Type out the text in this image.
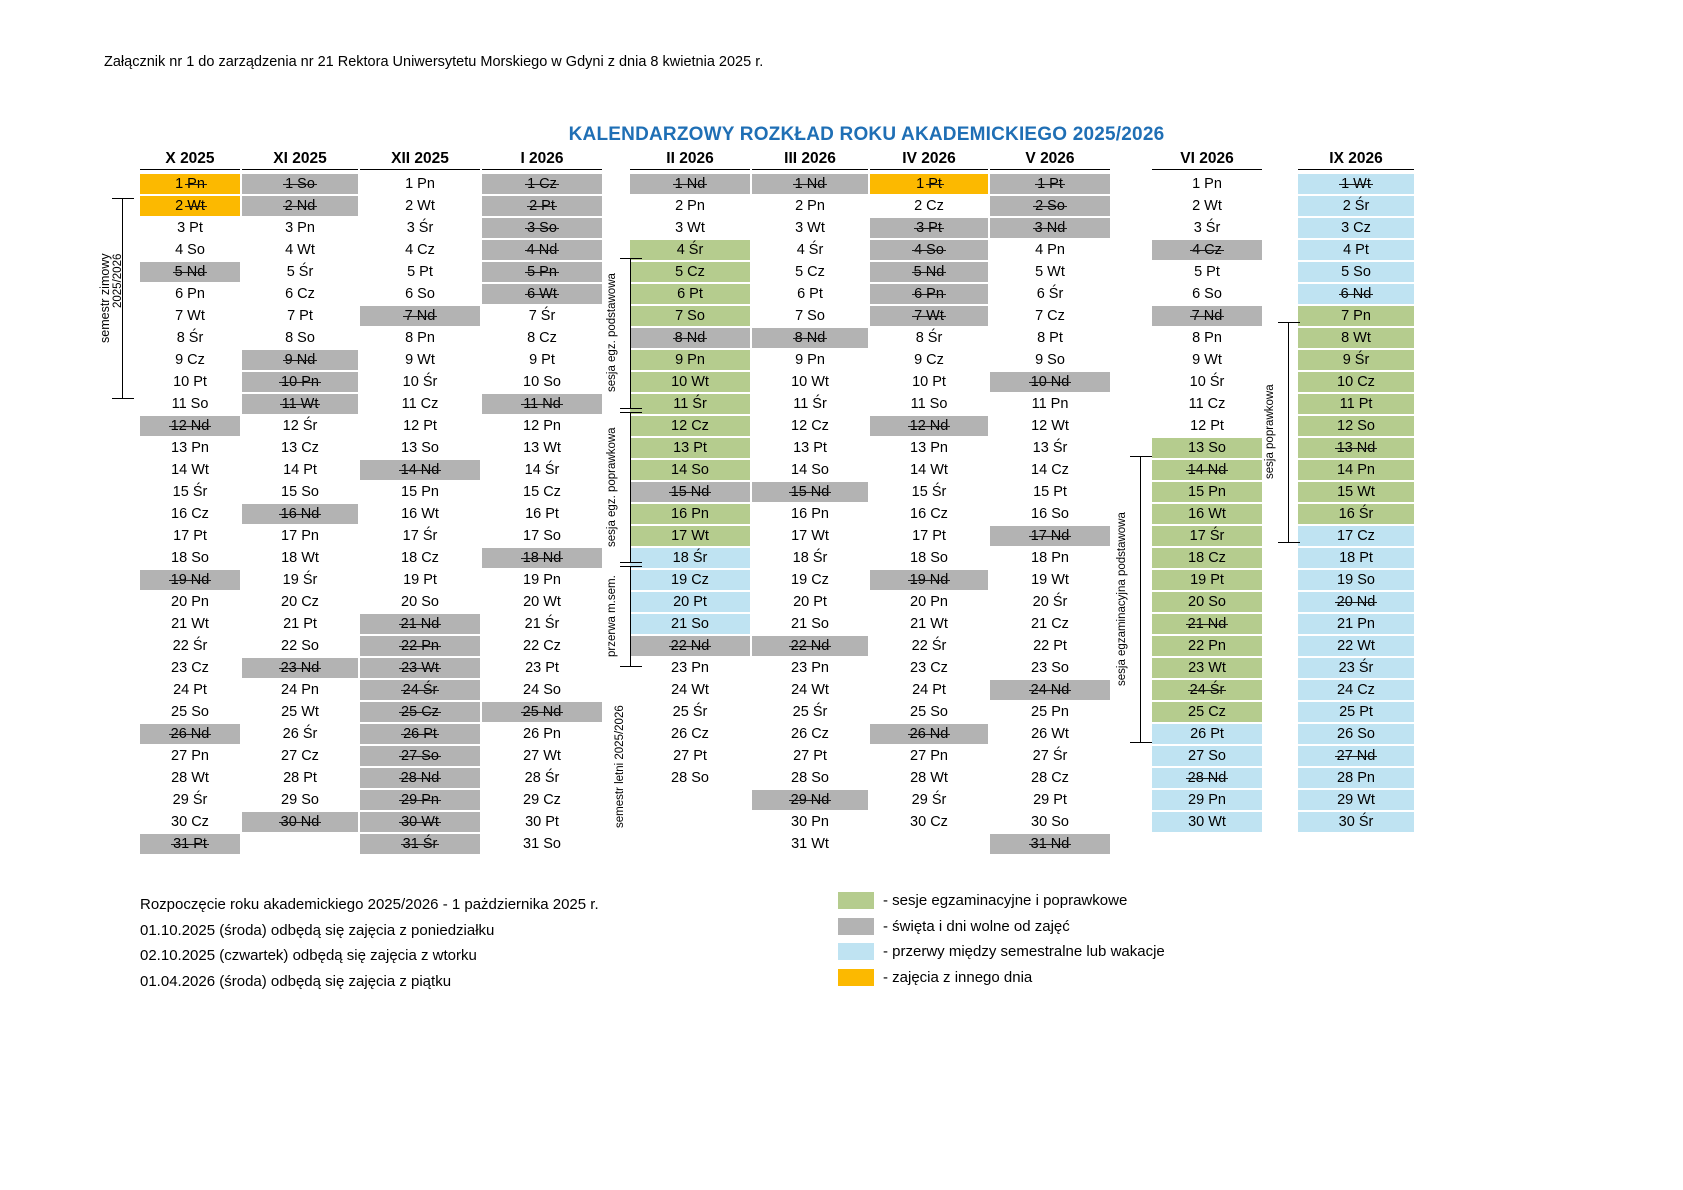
Załącznik nr 1 do zarządzenia nr 21 Rektora Uniwersytetu Morskiego w Gdyni z dnia 8 kwietnia 2025 r.
KALENDARZOWY ROZKŁAD ROKU AKADEMICKIEGO 2025/2026
X 2025
1 Pn
2 Wt
3 Pt
4 So
5 Nd
6 Pn
7 Wt
8 Śr
9 Cz
10 Pt
11 So
12 Nd
13 Pn
14 Wt
15 Śr
16 Cz
17 Pt
18 So
19 Nd
20 Pn
21 Wt
22 Śr
23 Cz
24 Pt
25 So
26 Nd
27 Pn
28 Wt
29 Śr
30 Cz
31 Pt
XI 2025
1 So
2 Nd
3 Pn
4 Wt
5 Śr
6 Cz
7 Pt
8 So
9 Nd
10 Pn
11 Wt
12 Śr
13 Cz
14 Pt
15 So
16 Nd
17 Pn
18 Wt
19 Śr
20 Cz
21 Pt
22 So
23 Nd
24 Pn
25 Wt
26 Śr
27 Cz
28 Pt
29 So
30 Nd
XII 2025
1 Pn
2 Wt
3 Śr
4 Cz
5 Pt
6 So
7 Nd
8 Pn
9 Wt
10 Śr
11 Cz
12 Pt
13 So
14 Nd
15 Pn
16 Wt
17 Śr
18 Cz
19 Pt
20 So
21 Nd
22 Pn
23 Wt
24 Śr
25 Cz
26 Pt
27 So
28 Nd
29 Pn
30 Wt
31 Śr
I 2026
1 Cz
2 Pt
3 So
4 Nd
5 Pn
6 Wt
7 Śr
8 Cz
9 Pt
10 So
11 Nd
12 Pn
13 Wt
14 Śr
15 Cz
16 Pt
17 So
18 Nd
19 Pn
20 Wt
21 Śr
22 Cz
23 Pt
24 So
25 Nd
26 Pn
27 Wt
28 Śr
29 Cz
30 Pt
31 So
II 2026
1 Nd
2 Pn
3 Wt
4 Śr
5 Cz
6 Pt
7 So
8 Nd
9 Pn
10 Wt
11 Śr
12 Cz
13 Pt
14 So
15 Nd
16 Pn
17 Wt
18 Śr
19 Cz
20 Pt
21 So
22 Nd
23 Pn
24 Wt
25 Śr
26 Cz
27 Pt
28 So
III 2026
1 Nd
2 Pn
3 Wt
4 Śr
5 Cz
6 Pt
7 So
8 Nd
9 Pn
10 Wt
11 Śr
12 Cz
13 Pt
14 So
15 Nd
16 Pn
17 Wt
18 Śr
19 Cz
20 Pt
21 So
22 Nd
23 Pn
24 Wt
25 Śr
26 Cz
27 Pt
28 So
29 Nd
30 Pn
31 Wt
IV 2026
1 Pt
2 Cz
3 Pt
4 So
5 Nd
6 Pn
7 Wt
8 Śr
9 Cz
10 Pt
11 So
12 Nd
13 Pn
14 Wt
15 Śr
16 Cz
17 Pt
18 So
19 Nd
20 Pn
21 Wt
22 Śr
23 Cz
24 Pt
25 So
26 Nd
27 Pn
28 Wt
29 Śr
30 Cz
V 2026
1 Pt
2 So
3 Nd
4 Pn
5 Wt
6 Śr
7 Cz
8 Pt
9 So
10 Nd
11 Pn
12 Wt
13 Śr
14 Cz
15 Pt
16 So
17 Nd
18 Pn
19 Wt
20 Śr
21 Cz
22 Pt
23 So
24 Nd
25 Pn
26 Wt
27 Śr
28 Cz
29 Pt
30 So
31 Nd
VI 2026
1 Pn
2 Wt
3 Śr
4 Cz
5 Pt
6 So
7 Nd
8 Pn
9 Wt
10 Śr
11 Cz
12 Pt
13 So
14 Nd
15 Pn
16 Wt
17 Śr
18 Cz
19 Pt
20 So
21 Nd
22 Pn
23 Wt
24 Śr
25 Cz
26 Pt
27 So
28 Nd
29 Pn
30 Wt
IX 2026
1 Wt
2 Śr
3 Cz
4 Pt
5 So
6 Nd
7 Pn
8 Wt
9 Śr
10 Cz
11 Pt
12 So
13 Nd
14 Pn
15 Wt
16 Śr
17 Cz
18 Pt
19 So
20 Nd
21 Pn
22 Wt
23 Śr
24 Cz
25 Pt
26 So
27 Nd
28 Pn
29 Wt
30 Śr
semestr zimowy 2025/2026	sesja egz. podstawowa
sesja egz. poprawkowa
przerwa m.sem.
semestr letni 2025/2026
sesja egzaminacyjna podstawowa
sesja poprawkowa
Rozpoczęcie roku akademickiego 2025/2026 - 1 pażdziernika 2025 r.
01.10.2025 (środa) odbędą się zajęcia z poniedziałku
02.10.2025 (czwartek) odbędą się zajęcia z wtorku
01.04.2026 (środa) odbędą się zajęcia z piątku
- sesje egzaminacyjne i poprawkowe
- święta i dni wolne od zajęć
- przerwy między semestralne lub wakacje
- zajęcia z innego dnia
